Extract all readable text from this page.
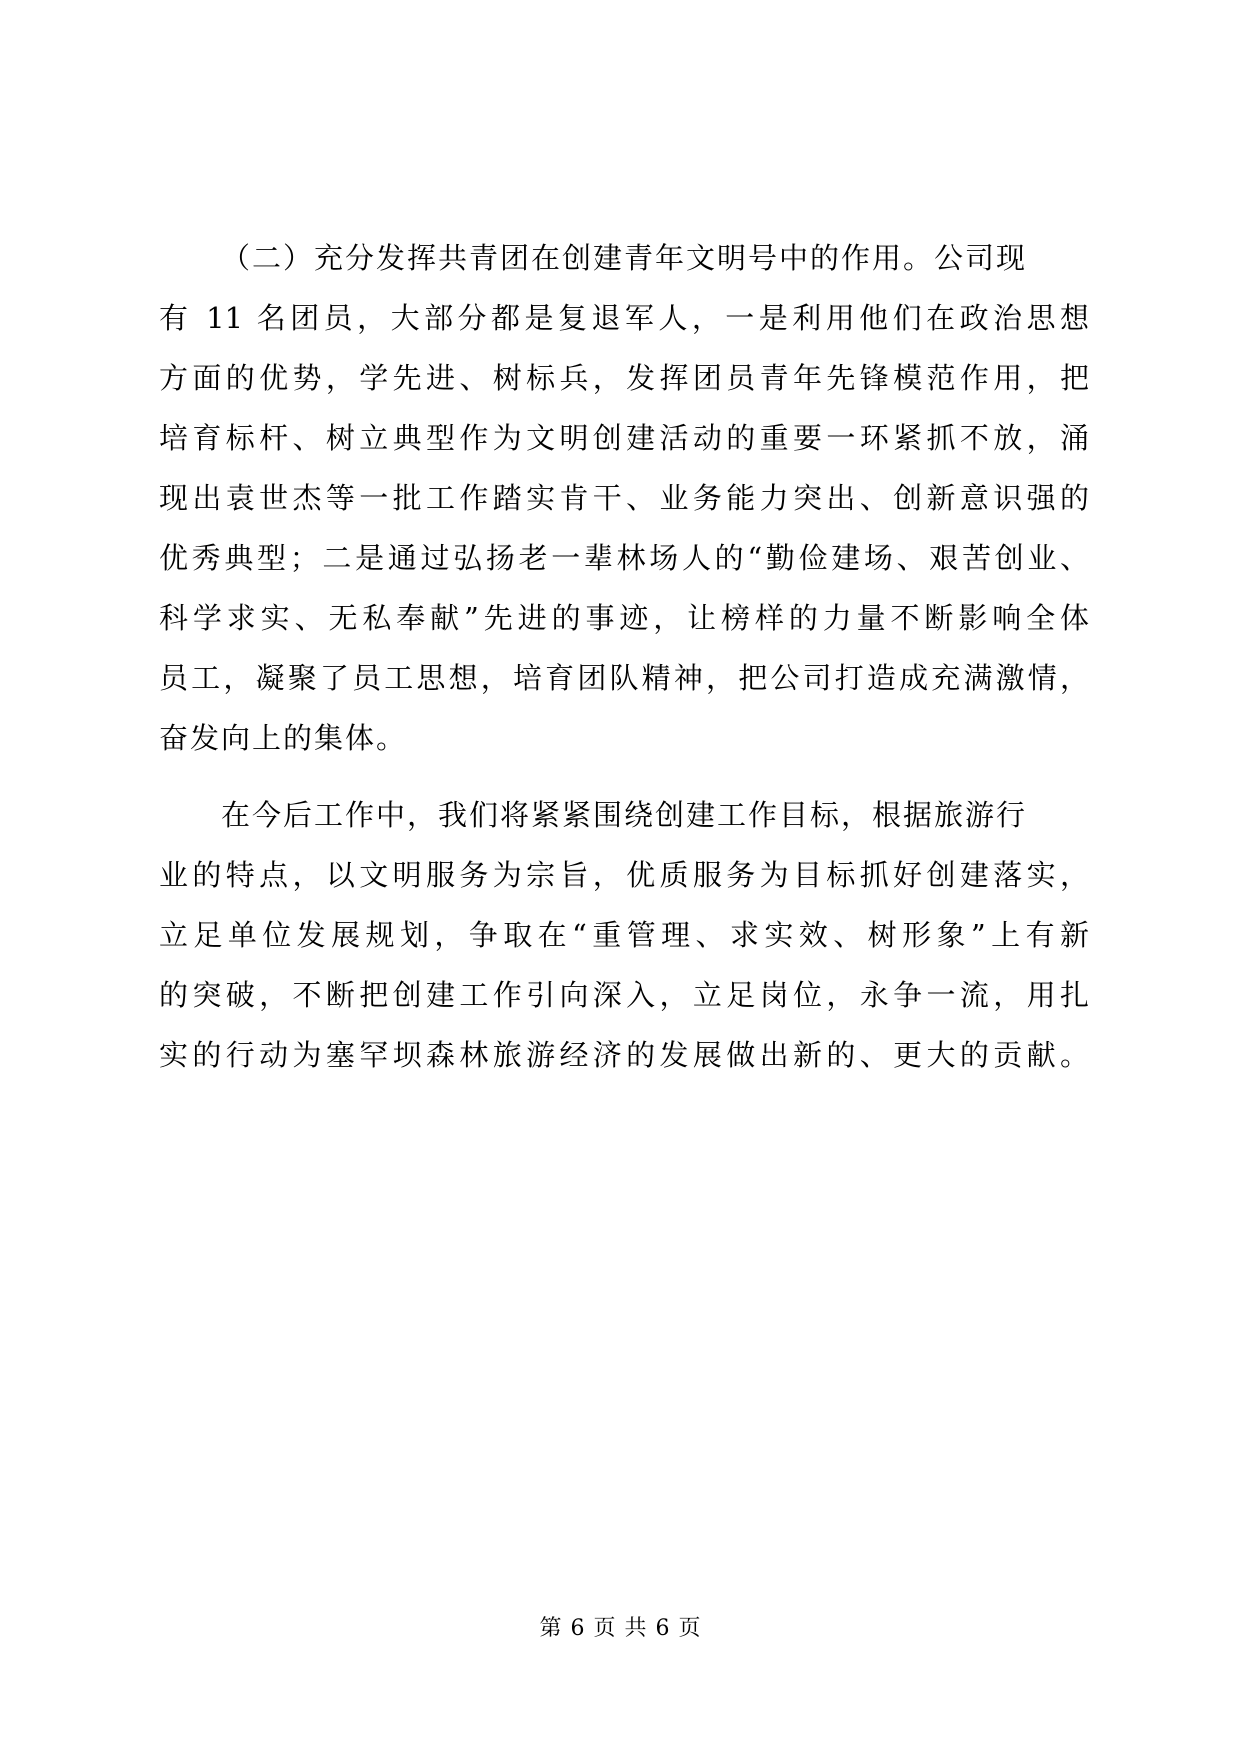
（二）充分发挥共青团在创建青年文明号中的作用。公司现
有 11 名团员，大部分都是复退军人，一是利用他们在政治思想
方面的优势，学先进、树标兵，发挥团员青年先锋模范作用，把
培育标杆、树立典型作为文明创建活动的重要一环紧抓不放，涌
现出袁世杰等一批工作踏实肯干、业务能力突出、创新意识强的
优秀典型；二是通过弘扬老一辈林场人的“勤俭建场、艰苦创业、
科学求实、无私奉献”先进的事迹，让榜样的力量不断影响全体
员工，凝聚了员工思想，培育团队精神，把公司打造成充满激情，
奋发向上的集体。
在今后工作中，我们将紧紧围绕创建工作目标，根据旅游行
业的特点，以文明服务为宗旨，优质服务为目标抓好创建落实，
立足单位发展规划，争取在“重管理、求实效、树形象”上有新
的突破，不断把创建工作引向深入，立足岗位，永争一流，用扎
实的行动为塞罕坝森林旅游经济的发展做出新的、更大的贡献。
第 6 页 共 6 页
